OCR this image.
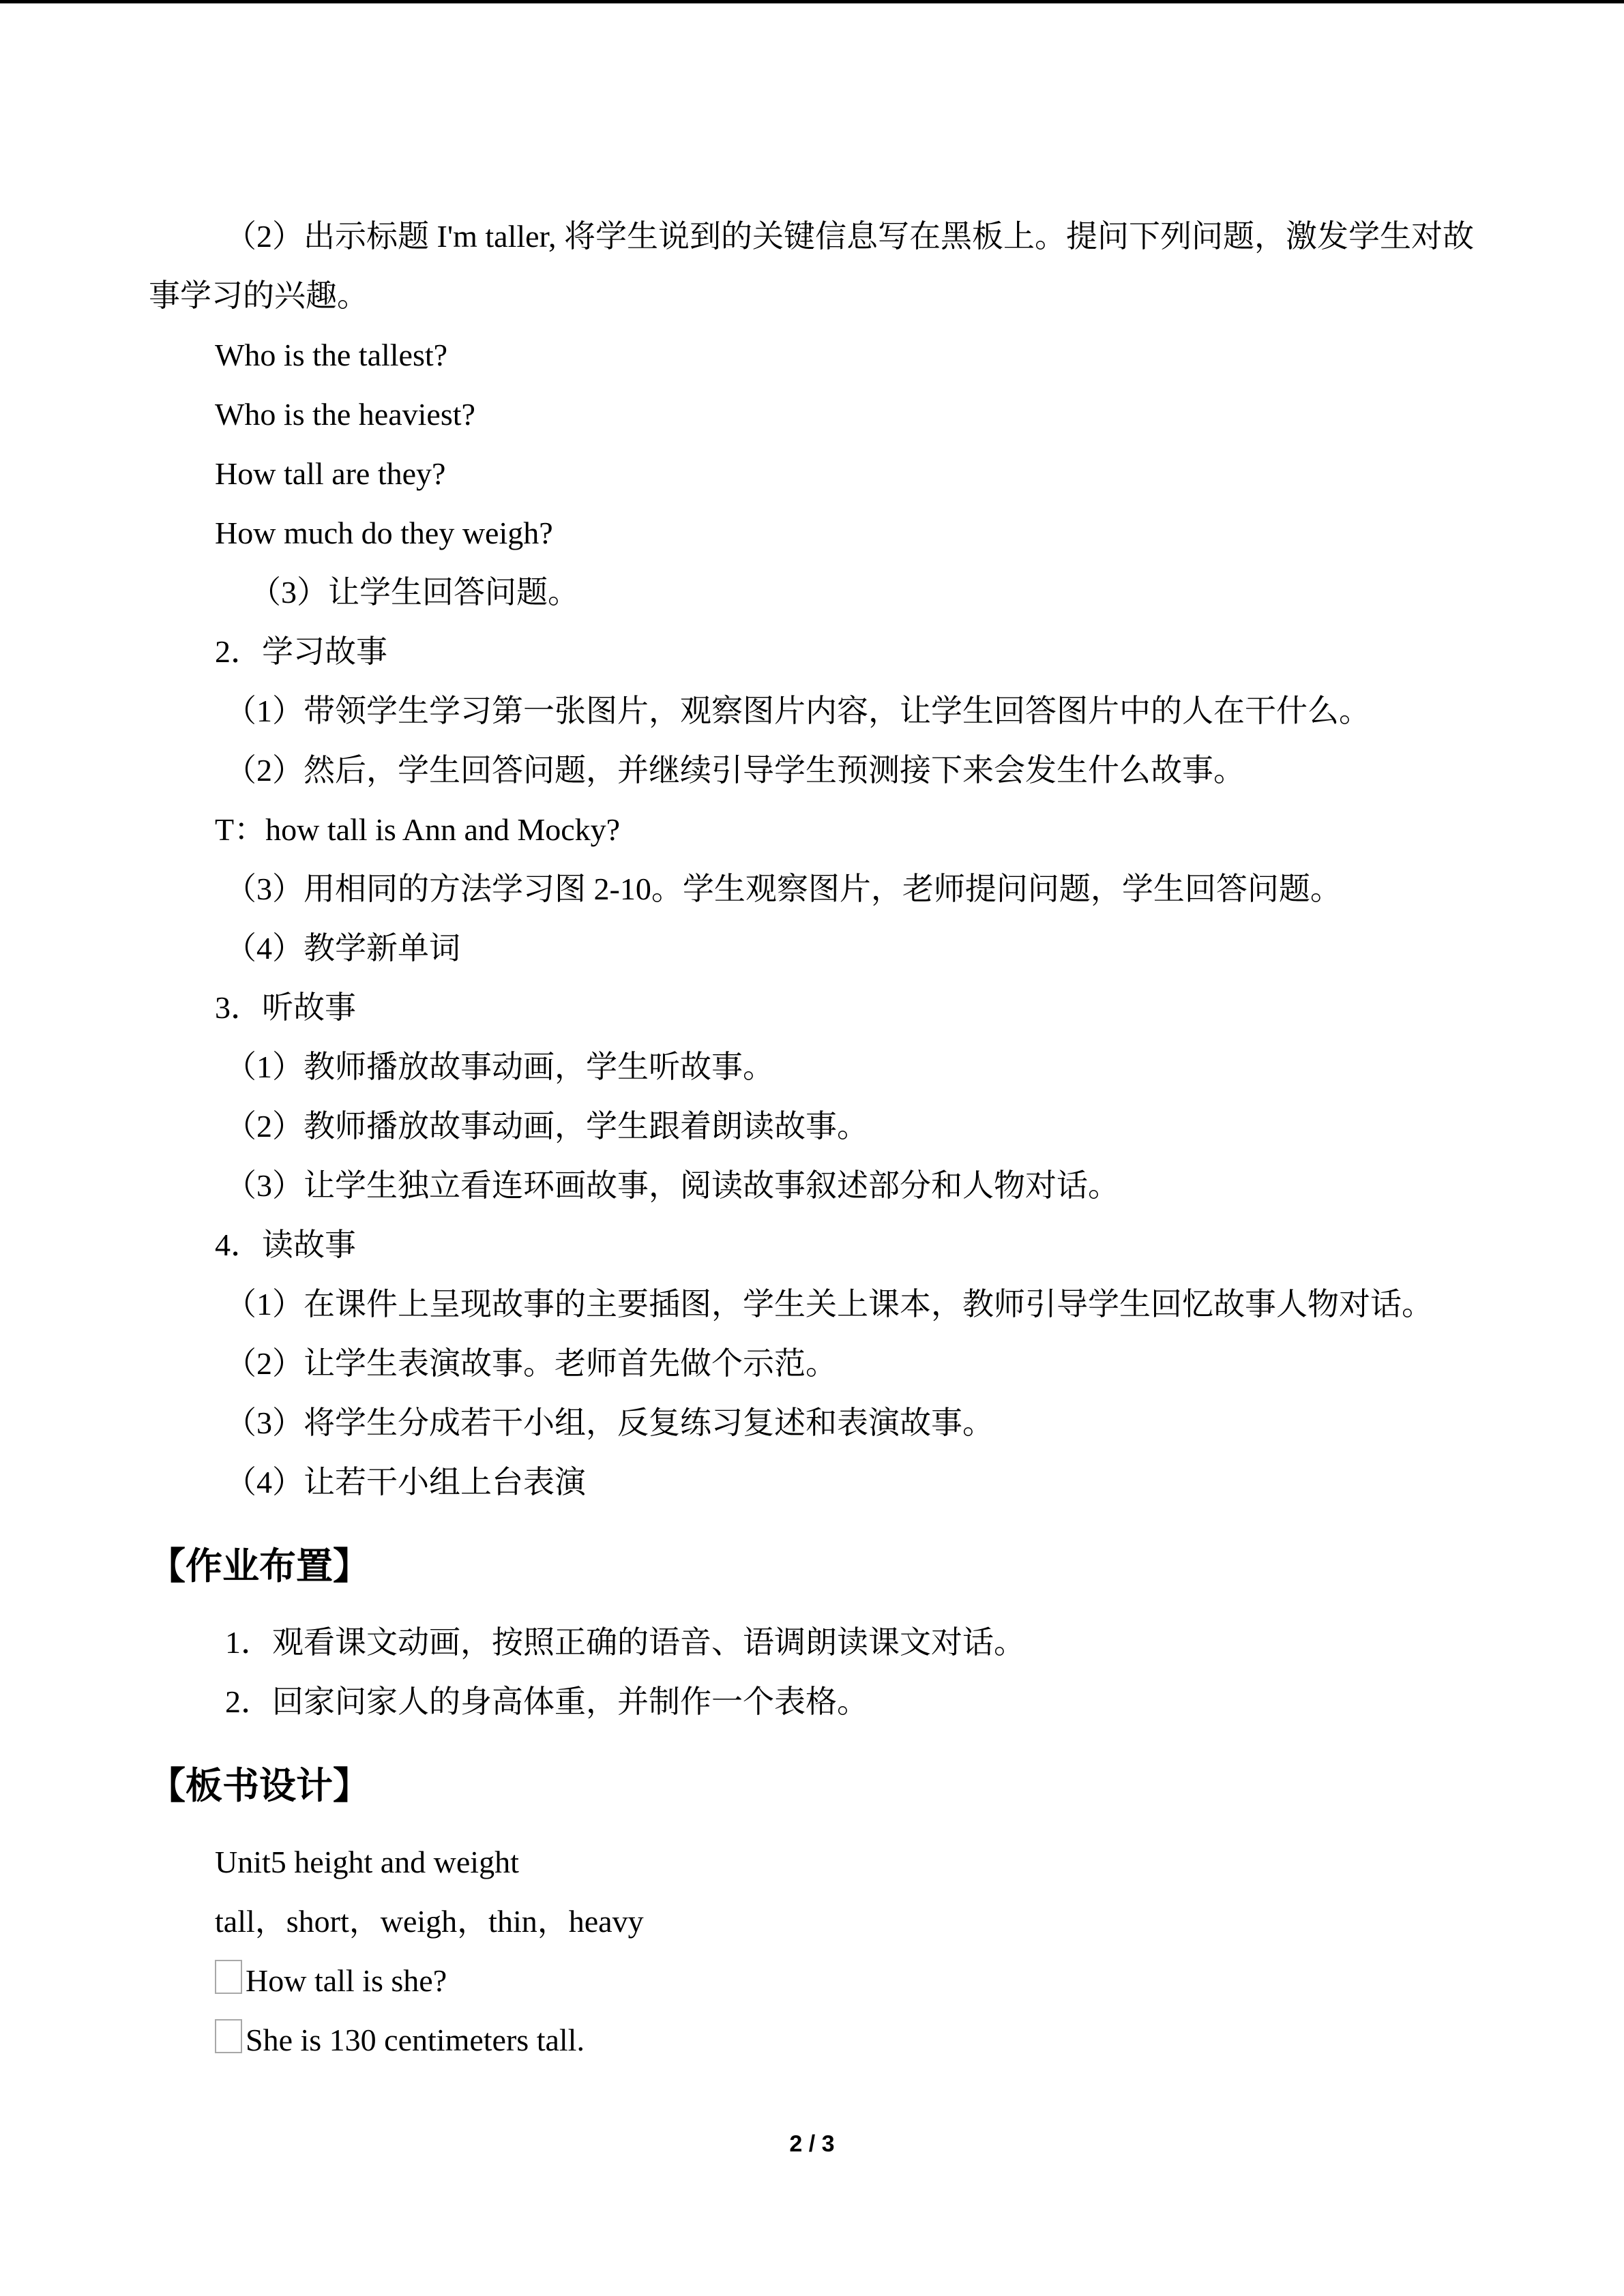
（2）出示标题 I'm taller, 将学生说到的关键信息写在黑板上。提问下列问题，激发学生对故事学习的兴趣。
Who is the tallest?
Who is the heaviest?
How tall are they?
How much do they weigh?
（3）让学生回答问题。
2．学习故事
（1）带领学生学习第一张图片，观察图片内容，让学生回答图片中的人在干什么。
（2）然后，学生回答问题，并继续引导学生预测接下来会发生什么故事。
T：how tall is Ann and Mocky?
（3）用相同的方法学习图 2-10。学生观察图片，老师提问问题，学生回答问题。
（4）教学新单词
3．听故事
（1）教师播放故事动画，学生听故事。
（2）教师播放故事动画，学生跟着朗读故事。
（3）让学生独立看连环画故事，阅读故事叙述部分和人物对话。
4．读故事
（1）在课件上呈现故事的主要插图，学生关上课本，教师引导学生回忆故事人物对话。
（2）让学生表演故事。老师首先做个示范。
（3）将学生分成若干小组，反复练习复述和表演故事。
（4）让若干小组上台表演
【作业布置】
1．观看课文动画，按照正确的语音、语调朗读课文对话。
2．回家问家人的身高体重，并制作一个表格。
【板书设计】
Unit5 height and weight
tall，short，weigh，thin，heavy
How tall is she?
She is 130 centimeters tall.
2 / 3
